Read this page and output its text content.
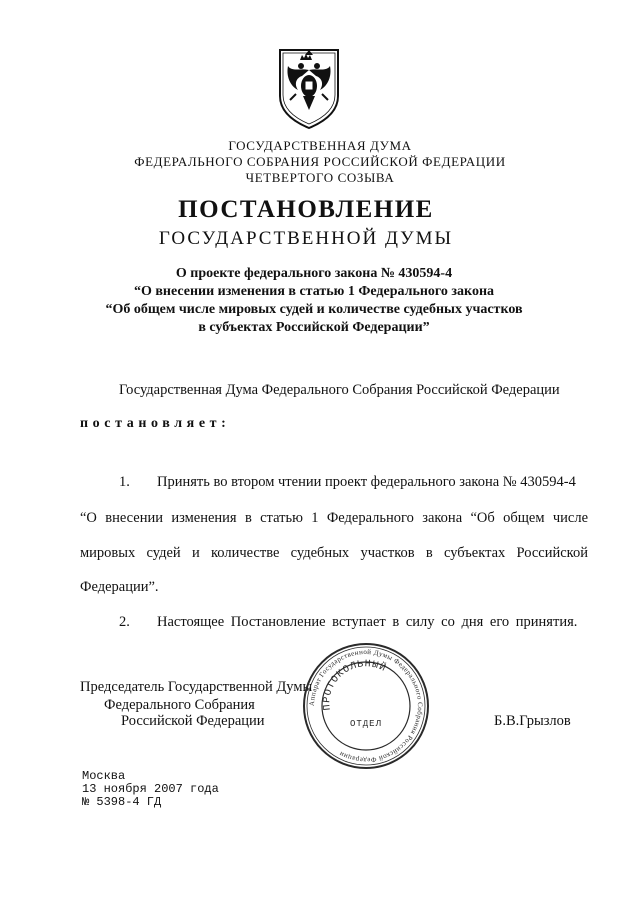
ГОСУДАРСТВЕННАЯ ДУМА
ФЕДЕРАЛЬНОГО СОБРАНИЯ РОССИЙСКОЙ ФЕДЕРАЦИИ
ЧЕТВЕРТОГО СОЗЫВА
ПОСТАНОВЛЕНИЕ
ГОСУДАРСТВЕННОЙ ДУМЫ
О проекте федерального закона № 430594-4
“О внесении изменения в статью 1 Федерального закона
“Об общем числе мировых судей и количестве судебных участков
в субъектах Российской Федерации”
Государственная Дума Федерального Собрания Российской Федерации
постановляет:
1. Принять во втором чтении проект федерального закона № 430594-4
“О внесении изменения в статью 1 Федерального закона “Об общем числе
мировых судей и количестве судебных участков в субъектах Российской
Федерации”.
2. Настоящее Постановление вступает в силу со дня его принятия.
Председатель Государственной Думы
Федерального Собрания
Российской Федерации	Б.В.Грызлов
Аппарат Государственной Думы Федерального Собрания Российской Федерации
ПРОТОКОЛЬНЫЙ
ОТДЕЛ
Москва
13 ноября 2007 года
№ 5398-4 ГД
